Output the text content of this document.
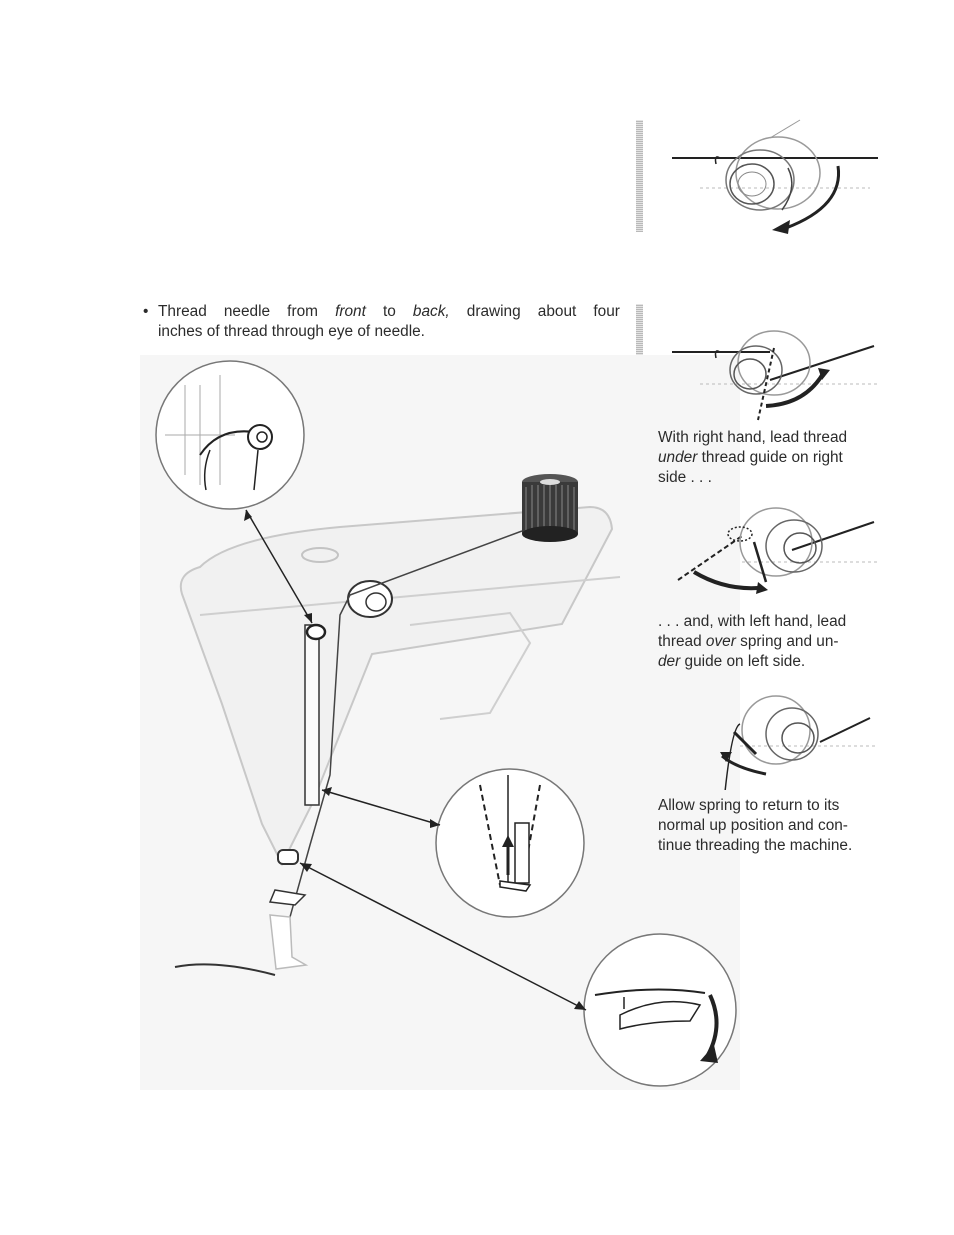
• Thread needle from front to back, drawing about four
inches of thread through eye of needle.
With right hand, lead thread
under thread guide on right
side . . .
. . . and, with left hand, lead
thread over spring and un-
der guide on left side.
Allow spring to return to its
normal up position and con-
tinue threading the machine.
